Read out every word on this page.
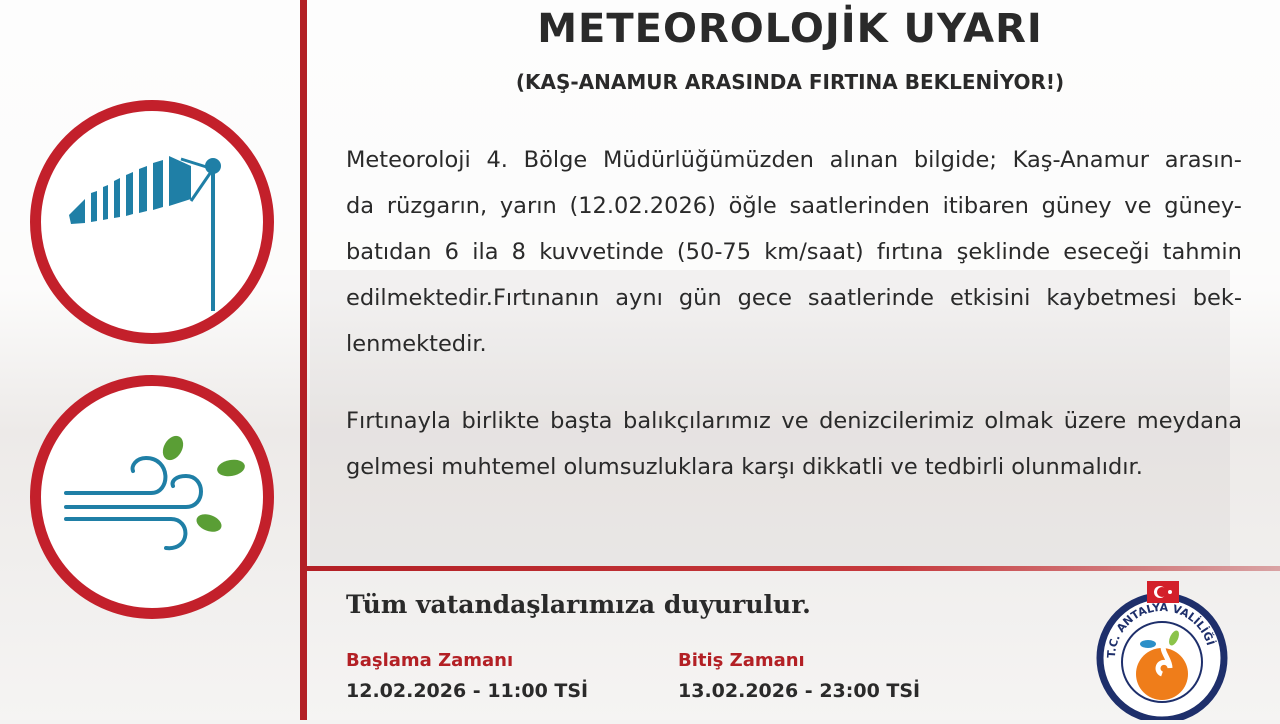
METEOROLOJİK UYARI
(KAŞ-ANAMUR ARASINDA FIRTINA BEKLENİYOR!)
Meteoroloji 4. Bölge Müdürlüğümüzden alınan bilgide; Kaş-Anamur arasın-
da rüzgarın, yarın (12.02.2026) öğle saatlerinden itibaren güney ve güney-
batıdan 6 ila 8 kuvvetinde (50-75 km/saat) fırtına şeklinde eseceği tahmin
edilmektedir.Fırtınanın aynı gün gece saatlerinde etkisini kaybetmesi bek-
lenmektedir.
Fırtınayla birlikte başta balıkçılarımız ve denizcilerimiz olmak üzere meydana
gelmesi muhtemel olumsuzluklara karşı dikkatli ve tedbirli olunmalıdır.
Tüm vatandaşlarımıza duyurulur.
Başlama Zamanı
12.02.2026 - 11:00 TSİ
Bitiş Zamanı
13.02.2026 - 23:00 TSİ
T.C. ANTALYA VALİLİĞİ
